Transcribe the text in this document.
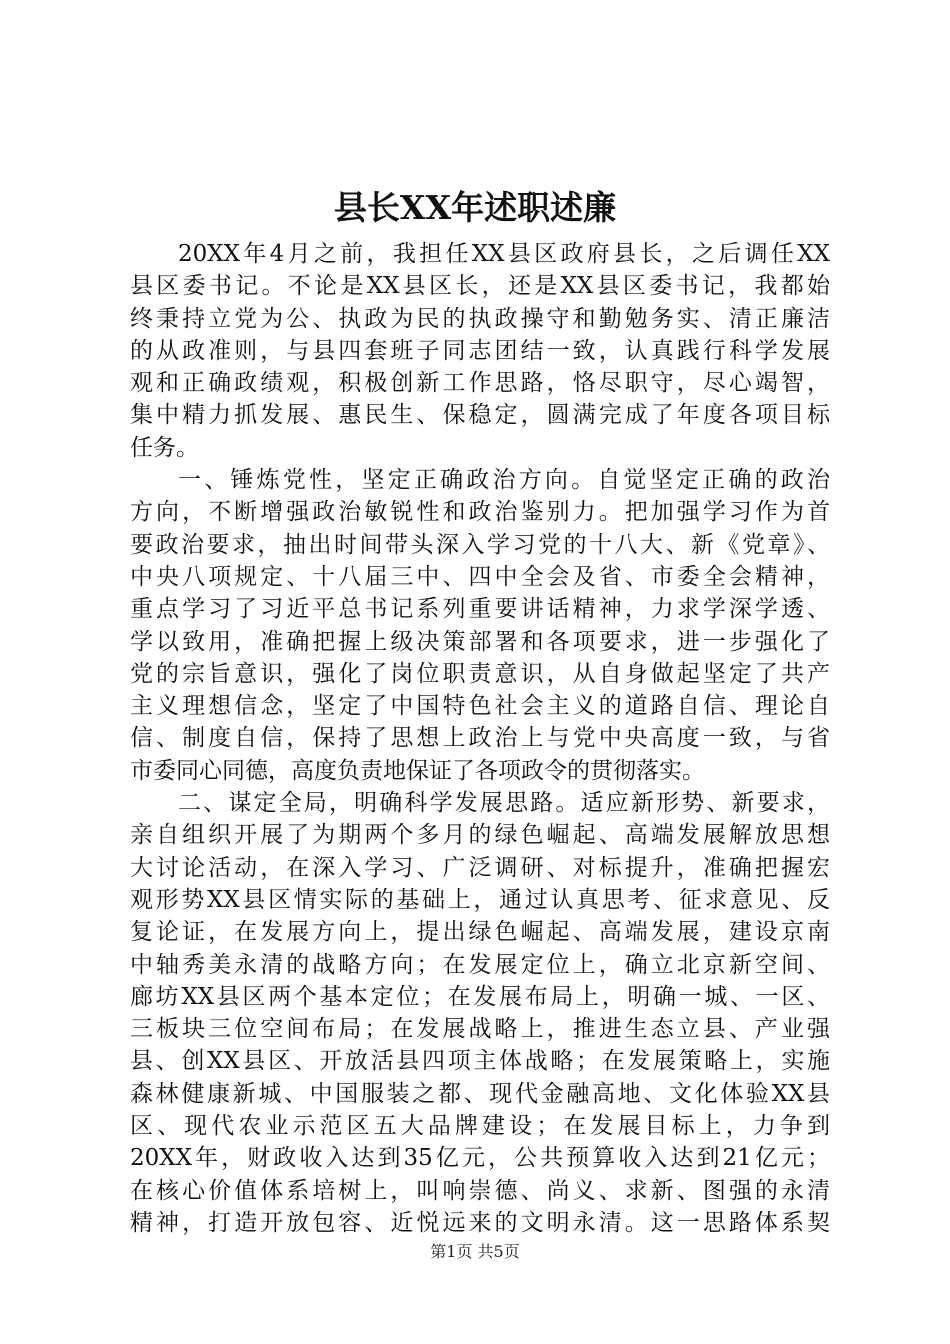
县长XX年述职述廉
20XX年4月之前，我担任XX县区政府县长，之后调任XX
县区委书记。不论是XX县区长，还是XX县区委书记，我都始
终秉持立党为公、执政为民的执政操守和勤勉务实、清正廉洁
的从政准则，与县四套班子同志团结一致，认真践行科学发展
观和正确政绩观，积极创新工作思路，恪尽职守，尽心竭智，
集中精力抓发展、惠民生、保稳定，圆满完成了年度各项目标
任务。
一、锤炼党性，坚定正确政治方向。自觉坚定正确的政治
方向，不断增强政治敏锐性和政治鉴别力。把加强学习作为首
要政治要求，抽出时间带头深入学习党的十八大、新《党章》、
中央八项规定、十八届三中、四中全会及省、市委全会精神，
重点学习了习近平总书记系列重要讲话精神，力求学深学透、
学以致用，准确把握上级决策部署和各项要求，进一步强化了
党的宗旨意识，强化了岗位职责意识，从自身做起坚定了共产
主义理想信念，坚定了中国特色社会主义的道路自信、理论自
信、制度自信，保持了思想上政治上与党中央高度一致，与省
市委同心同德，高度负责地保证了各项政令的贯彻落实。
二、谋定全局，明确科学发展思路。适应新形势、新要求，
亲自组织开展了为期两个多月的绿色崛起、高端发展解放思想
大讨论活动，在深入学习、广泛调研、对标提升，准确把握宏
观形势XX县区情实际的基础上，通过认真思考、征求意见、反
复论证，在发展方向上，提出绿色崛起、高端发展，建设京南
中轴秀美永清的战略方向；在发展定位上，确立北京新空间、
廊坊XX县区两个基本定位；在发展布局上，明确一城、一区、
三板块三位空间布局；在发展战略上，推进生态立县、产业强
县、创XX县区、开放活县四项主体战略；在发展策略上，实施
森林健康新城、中国服装之都、现代金融高地、文化体验XX县
区、现代农业示范区五大品牌建设；在发展目标上，力争到
20XX年，财政收入达到35亿元，公共预算收入达到21亿元；
在核心价值体系培树上，叫响崇德、尚义、求新、图强的永清
精神，打造开放包容、近悦远来的文明永清。这一思路体系契
第1页 共5页
